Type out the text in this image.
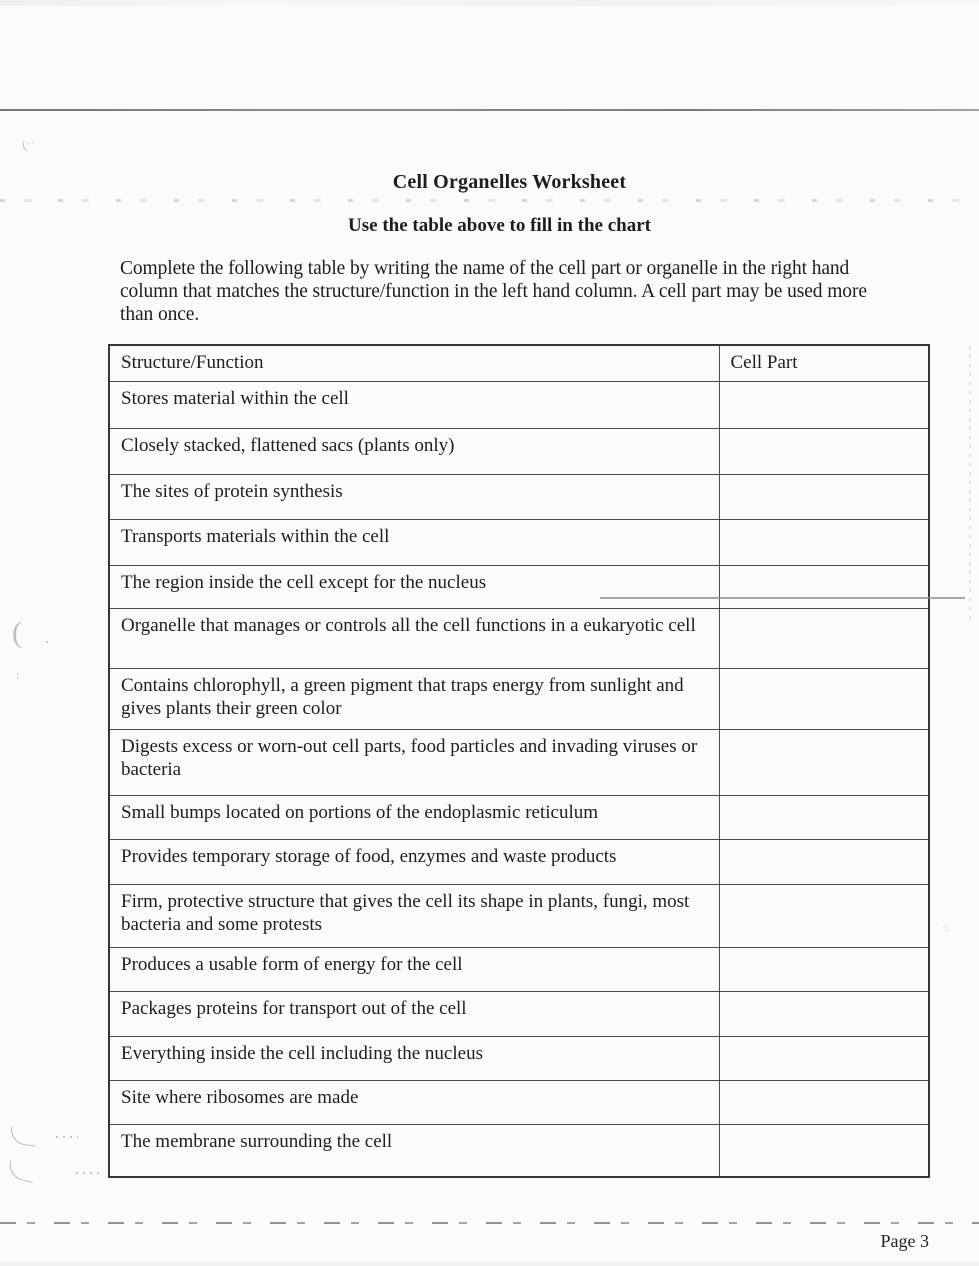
(··
Cell Organelles Worksheet
Use the table above to fill in the chart
Complete the following table by writing the name of the cell part or organelle in the right hand
column that matches the structure/function in the left hand column. A cell part may be used more
than once.
Structure/Function	Cell Part
Stores material within the cell	
Closely stacked, flattened sacs (plants only)	
The sites of protein synthesis	
Transports materials within the cell	
The region inside the cell except for the nucleus	
Organelle that manages or controls all the cell functions in a eukaryotic cell	
Contains chlorophyll, a green pigment that traps energy from sunlight and gives plants their green color	
Digests excess or worn-out cell parts, food particles and invading viruses or bacteria	
Small bumps located on portions of the endoplasmic reticulum	
Provides temporary storage of food, enzymes and waste products	
Firm, protective structure that gives the cell its shape in plants, fungi, most bacteria and some protests	
Produces a usable form of energy for the cell	
Packages proteins for transport out of the cell	
Everything inside the cell including the nucleus	
Site where ribosomes are made	
The membrane surrounding the cell	
(
:
·:
Page 3
